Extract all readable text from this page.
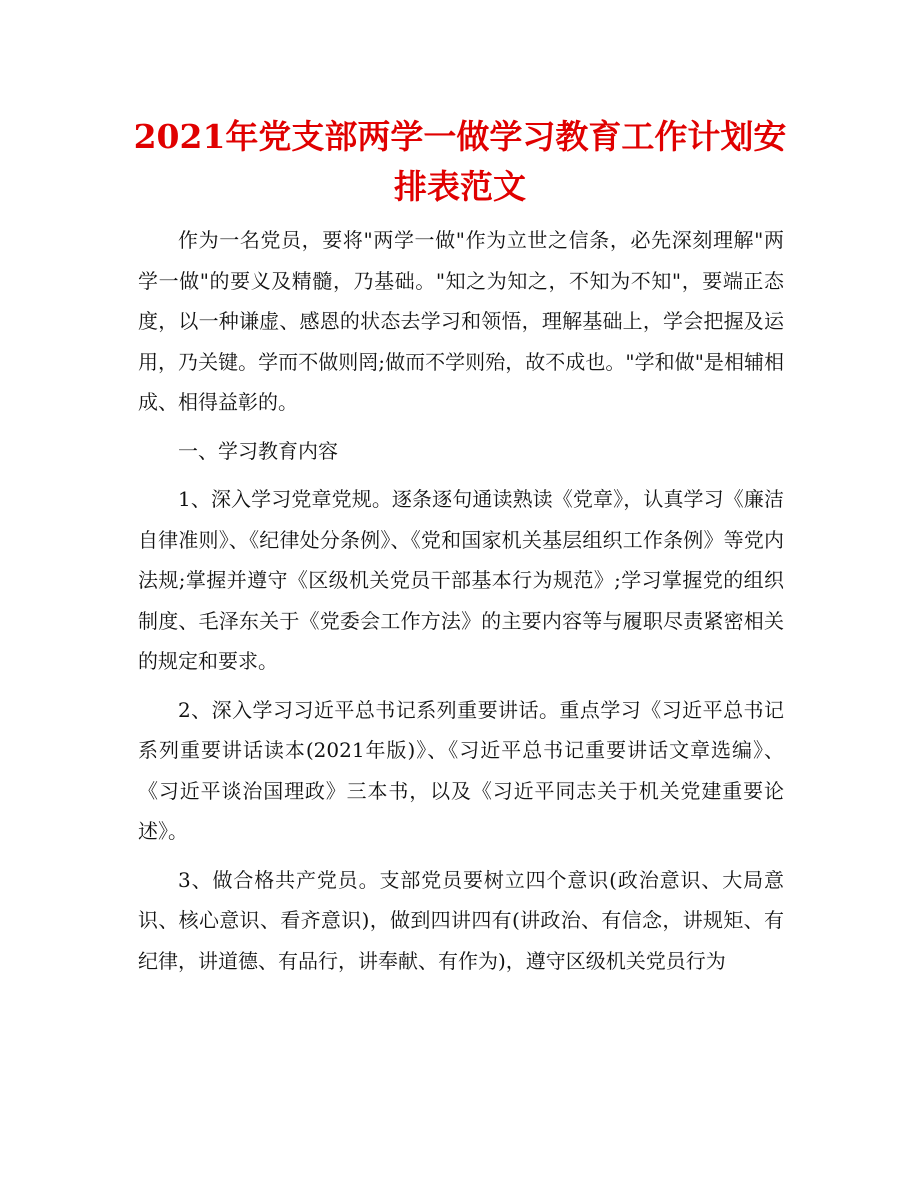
2021年党支部两学一做学习教育工作计划安排表范文

作为一名党员，要将"两学一做"作为立世之信条，必先深刻理解"两学一做"的要义及精髓，乃基础。"知之为知之，不知为不知"，要端正态度，以一种谦虚、感恩的状态去学习和领悟，理解基础上，学会把握及运用，乃关键。学而不做则罔;做而不学则殆，故不成也。"学和做"是相辅相成、相得益彰的。

一、学习教育内容

1、深入学习党章党规。逐条逐句通读熟读《党章》，认真学习《廉洁自律准则》、《纪律处分条例》、《党和国家机关基层组织工作条例》等党内法规;掌握并遵守《区级机关党员干部基本行为规范》;学习掌握党的组织制度、毛泽东关于《党委会工作方法》的主要内容等与履职尽责紧密相关的规定和要求。

2、深入学习习近平总书记系列重要讲话。重点学习《习近平总书记系列重要讲话读本(2021年版)》、《习近平总书记重要讲话文章选编》、《习近平谈治国理政》三本书，以及《习近平同志关于机关党建重要论述》。

3、做合格共产党员。支部党员要树立四个意识(政治意识、大局意识、核心意识、看齐意识)，做到四讲四有(讲政治、有信念，讲规矩、有纪律，讲道德、有品行，讲奉献、有作为)，遵守区级机关党员行为
